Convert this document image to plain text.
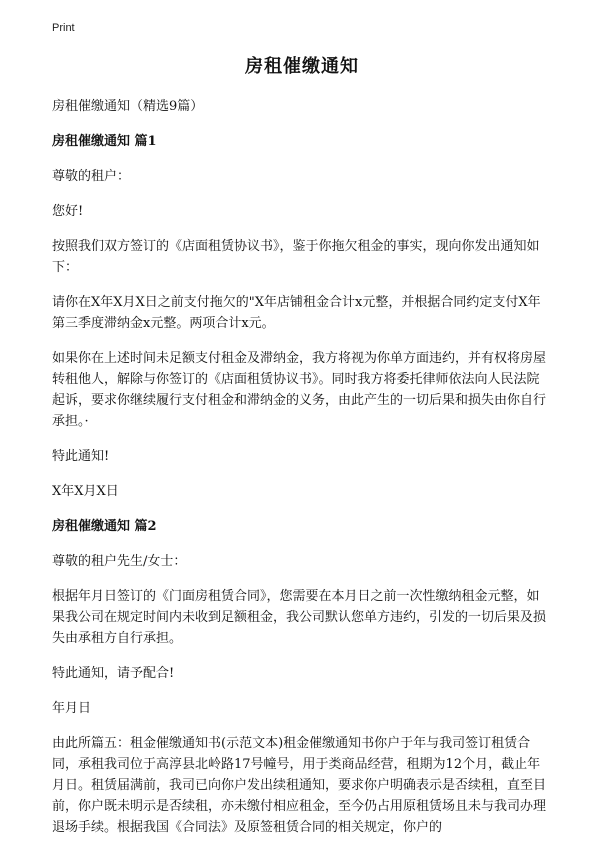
Print
房租催缴通知

房租催缴通知（精选9篇）

房租催缴通知 篇1

尊敬的租户：

您好!

按照我们双方签订的《店面租赁协议书》，鉴于你拖欠租金的事实，现向你发出通知如下：

请你在X年X月X日之前支付拖欠的"X年店铺租金合计x元整，并根据合同约定支付X年第三季度滞纳金x元整。两项合计x元。

如果你在上述时间未足额支付租金及滞纳金，我方将视为你单方面违约，并有权将房屋转租他人，解除与你签订的《店面租赁协议书》。同时我方将委托律师依法向人民法院起诉，要求你继续履行支付租金和滞纳金的义务，由此产生的一切后果和损失由你自行承担。·

特此通知!

X年X月X日

房租催缴通知 篇2

尊敬的租户先生/女士：

根据年月日签订的《门面房租赁合同》，您需要在本月日之前一次性缴纳租金元整，如果我公司在规定时间内未收到足额租金，我公司默认您单方违约，引发的一切后果及损失由承租方自行承担。

特此通知，请予配合!

年月日

由此所篇五：租金催缴通知书(示范文本)租金催缴通知书你户于年与我司签订租赁合同，承租我司位于高淳县北岭路17号幢号，用于类商品经营，租期为12个月，截止年月日。租赁届满前，我司已向你户发出续租通知，要求你户明确表示是否续租，直至目前，你户既未明示是否续租，亦未缴付相应租金，至今仍占用原租赁场且未与我司办理退场手续。根据我国《合同法》及原签租赁合同的相关规定，你户的
